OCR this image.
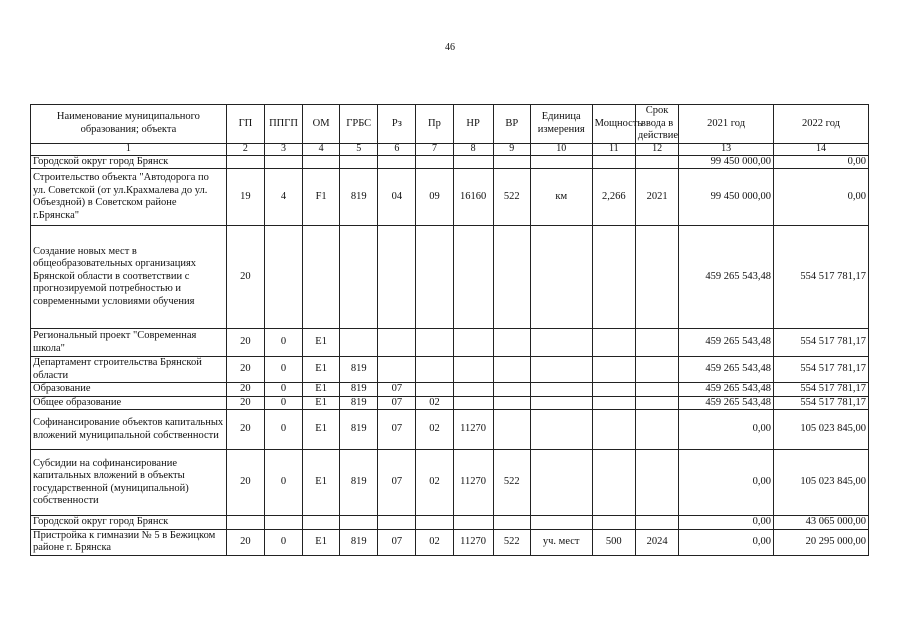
46
Наименование муниципального образования; объекта	ГП	ППГП	ОМ	ГРБС	Рз	Пр	НР	ВР	Единица измерения	Мощность	Срок ввода в действие	2021 год	2022 год
1	2	3	4	5	6	7	8	9	10	11	12	13	14
Городской округ город Брянск												99 450 000,00	0,00
Строительство объекта "Автодорога по ул. Советской (от ул.Крахмалева до ул. Объездной) в Советском районе г.Брянска"	19	4	F1	819	04	09	16160	522	км	2,266	2021	99 450 000,00	0,00
Создание новых мест в общеобразовательных организациях Брянской области в соответствии с прогнозируемой потребностью и современными условиями обучения	20											459 265 543,48	554 517 781,17
Региональный проект "Современная школа"	20	0	E1									459 265 543,48	554 517 781,17
Департамент строительства Брянской области	20	0	E1	819								459 265 543,48	554 517 781,17
Образование	20	0	E1	819	07							459 265 543,48	554 517 781,17
Общее образование	20	0	E1	819	07	02						459 265 543,48	554 517 781,17
Софинансирование объектов капитальных вложений муниципальной собственности	20	0	E1	819	07	02	11270					0,00	105 023 845,00
Субсидии на софинансирование капитальных вложений в объекты государственной (муниципальной) собственности	20	0	E1	819	07	02	11270	522				0,00	105 023 845,00
Городской округ город Брянск												0,00	43 065 000,00
Пристройка к гимназии № 5 в Бежицком районе г. Брянска	20	0	E1	819	07	02	11270	522	уч. мест	500	2024	0,00	20 295 000,00
